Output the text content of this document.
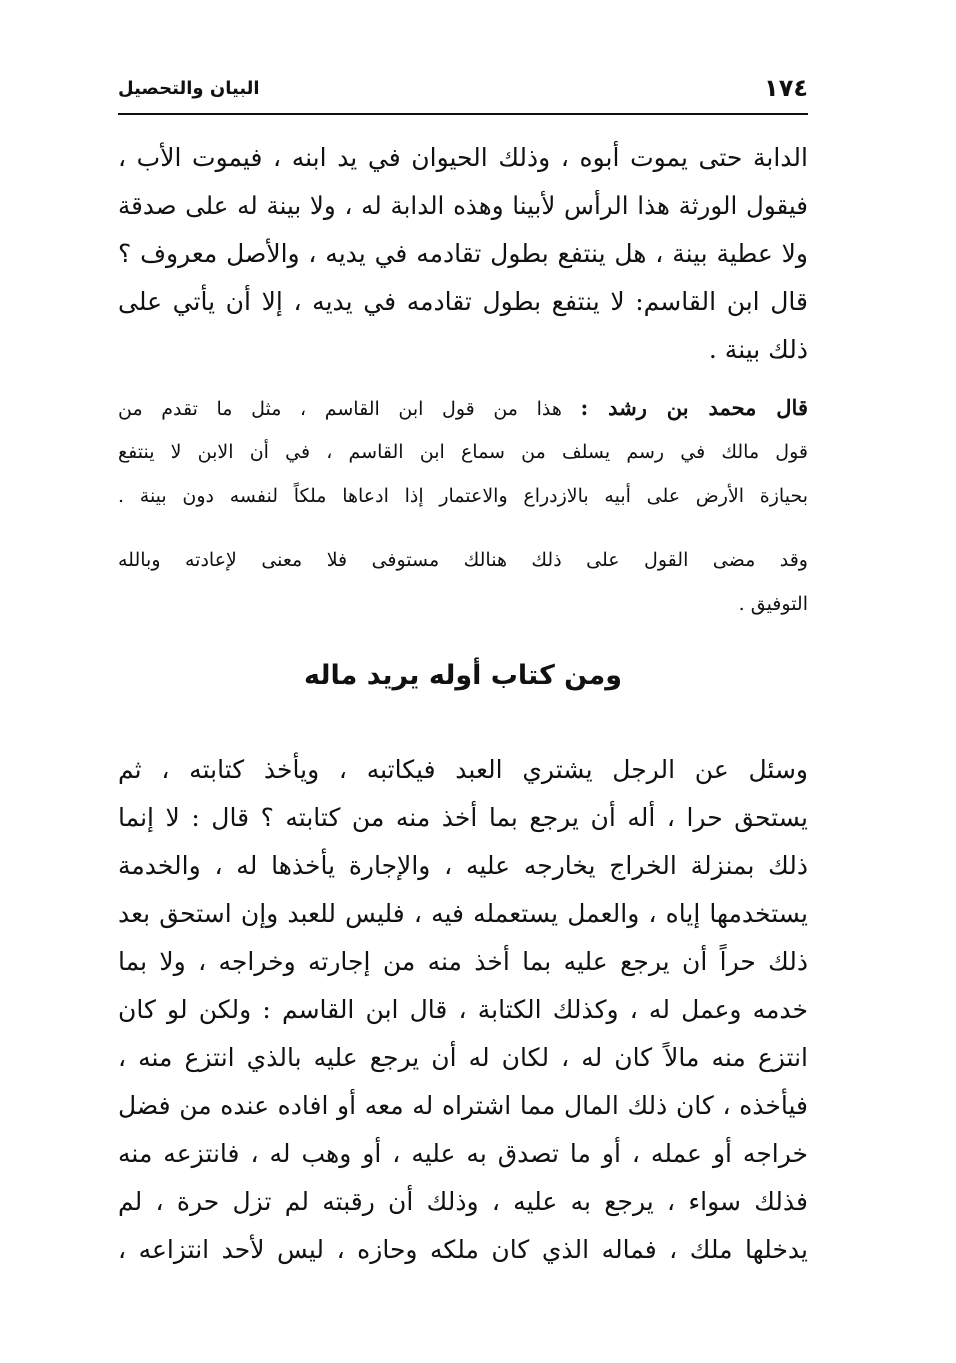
١٧٤
البيان والتحصيل
الدابة حتى يموت أبوه ، وذلك الحيوان في يد ابنه ، فيموت الأب ،
فيقول الورثة هذا الرأس لأبينا وهذه الدابة له ، ولا بينة له على صدقة
ولا عطية بينة ، هل ينتفع بطول تقادمه في يديه ، والأصل معروف ؟
قال ابن القاسم: لا ينتفع بطول تقادمه في يديه ، إلا أن يأتي على
ذلك بينة .
قال محمد بن رشد : هذا من قول ابن القاسم ، مثل ما تقدم من
قول مالك في رسم يسلف من سماع ابن القاسم ، في أن الابن لا ينتفع
بحيازة الأرض على أبيه بالازدراع والاعتمار إذا ادعاها ملكاً لنفسه دون بينة .
وقد مضى القول على ذلك هنالك مستوفى فلا معنى لإعادته وبالله
التوفيق .
ومن كتاب أوله يريد ماله
وسئل عن الرجل يشتري العبد فيكاتبه ، ويأخذ كتابته ، ثم
يستحق حرا ، أله أن يرجع بما أخذ منه من كتابته ؟ قال : لا إنما
ذلك بمنزلة الخراج يخارجه عليه ، والإجارة يأخذها له ، والخدمة
يستخدمها إياه ، والعمل يستعمله فيه ، فليس للعبد وإن استحق بعد
ذلك حراً أن يرجع عليه بما أخذ منه من إجارته وخراجه ، ولا بما
خدمه وعمل له ، وكذلك الكتابة ، قال ابن القاسم : ولكن لو كان
انتزع منه مالاً كان له ، لكان له أن يرجع عليه بالذي انتزع منه ،
فيأخذه ، كان ذلك المال مما اشتراه له معه أو افاده عنده من فضل
خراجه أو عمله ، أو ما تصدق به عليه ، أو وهب له ، فانتزعه منه
فذلك سواء ، يرجع به عليه ، وذلك أن رقبته لم تزل حرة ، لم
يدخلها ملك ، فماله الذي كان ملكه وحازه ، ليس لأحد انتزاعه ،
